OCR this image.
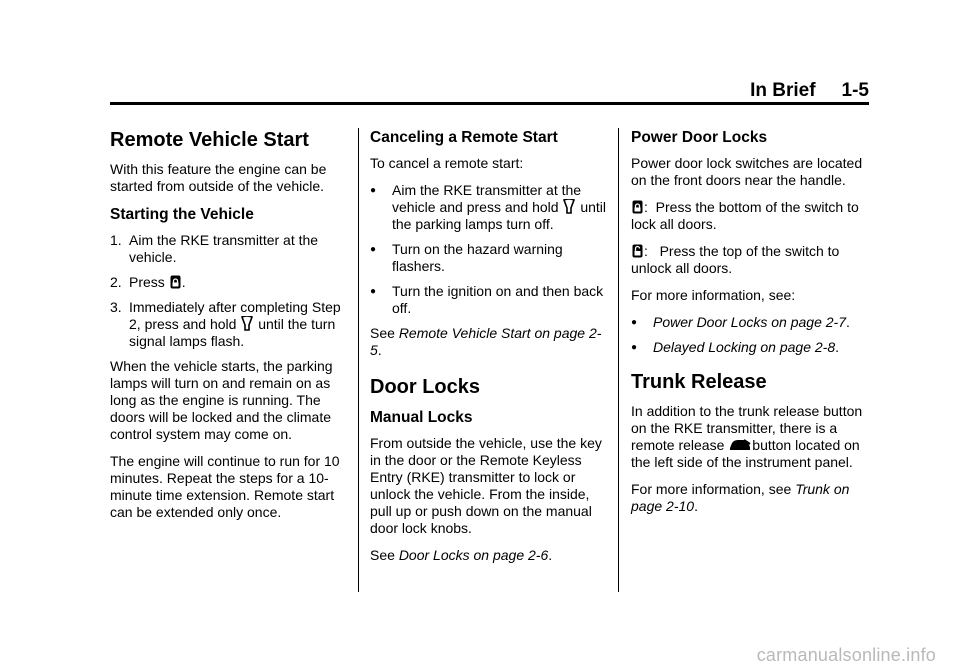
In Brief 1-5
Remote Vehicle Start

With this feature the engine can be started from outside of the vehicle.

Starting the Vehicle
1. Aim the RKE transmitter at the vehicle.
2. Press .
3. Immediately after completing Step 2, press and hold until the turn signal lamps flash.

When the vehicle starts, the parking lamps will turn on and remain on as long as the engine is running. The doors will be locked and the climate control system may come on.

The engine will continue to run for 10 minutes. Repeat the steps for a 10-minute time extension. Remote start can be extended only once.

Canceling a Remote Start

To cancel a remote start:

●	Aim the RKE transmitter at the vehicle and press and hold until the parking lamps turn off.
●	Turn on the hazard warning flashers.
●	Turn the ignition on and then back off.

See Remote Vehicle Start on page 2-5.

Door Locks
Manual Locks

From outside the vehicle, use the key in the door or the Remote Keyless Entry (RKE) transmitter to lock or unlock the vehicle. From the inside, pull up or push down on the manual door lock knobs.

See Door Locks on page 2-6.

Power Door Locks

Power door lock switches are located on the front doors near the handle.

: Press the bottom of the switch to lock all doors.

: Press the top of the switch to unlock all doors.

For more information, see:

●	Power Door Locks on page 2-7.
●	Delayed Locking on page 2-8.
Trunk Release

In addition to the trunk release button on the RKE transmitter, there is a remote release button located on the left side of the instrument panel.

For more information, see Trunk on page 2-10.

carmanualsonline.info
